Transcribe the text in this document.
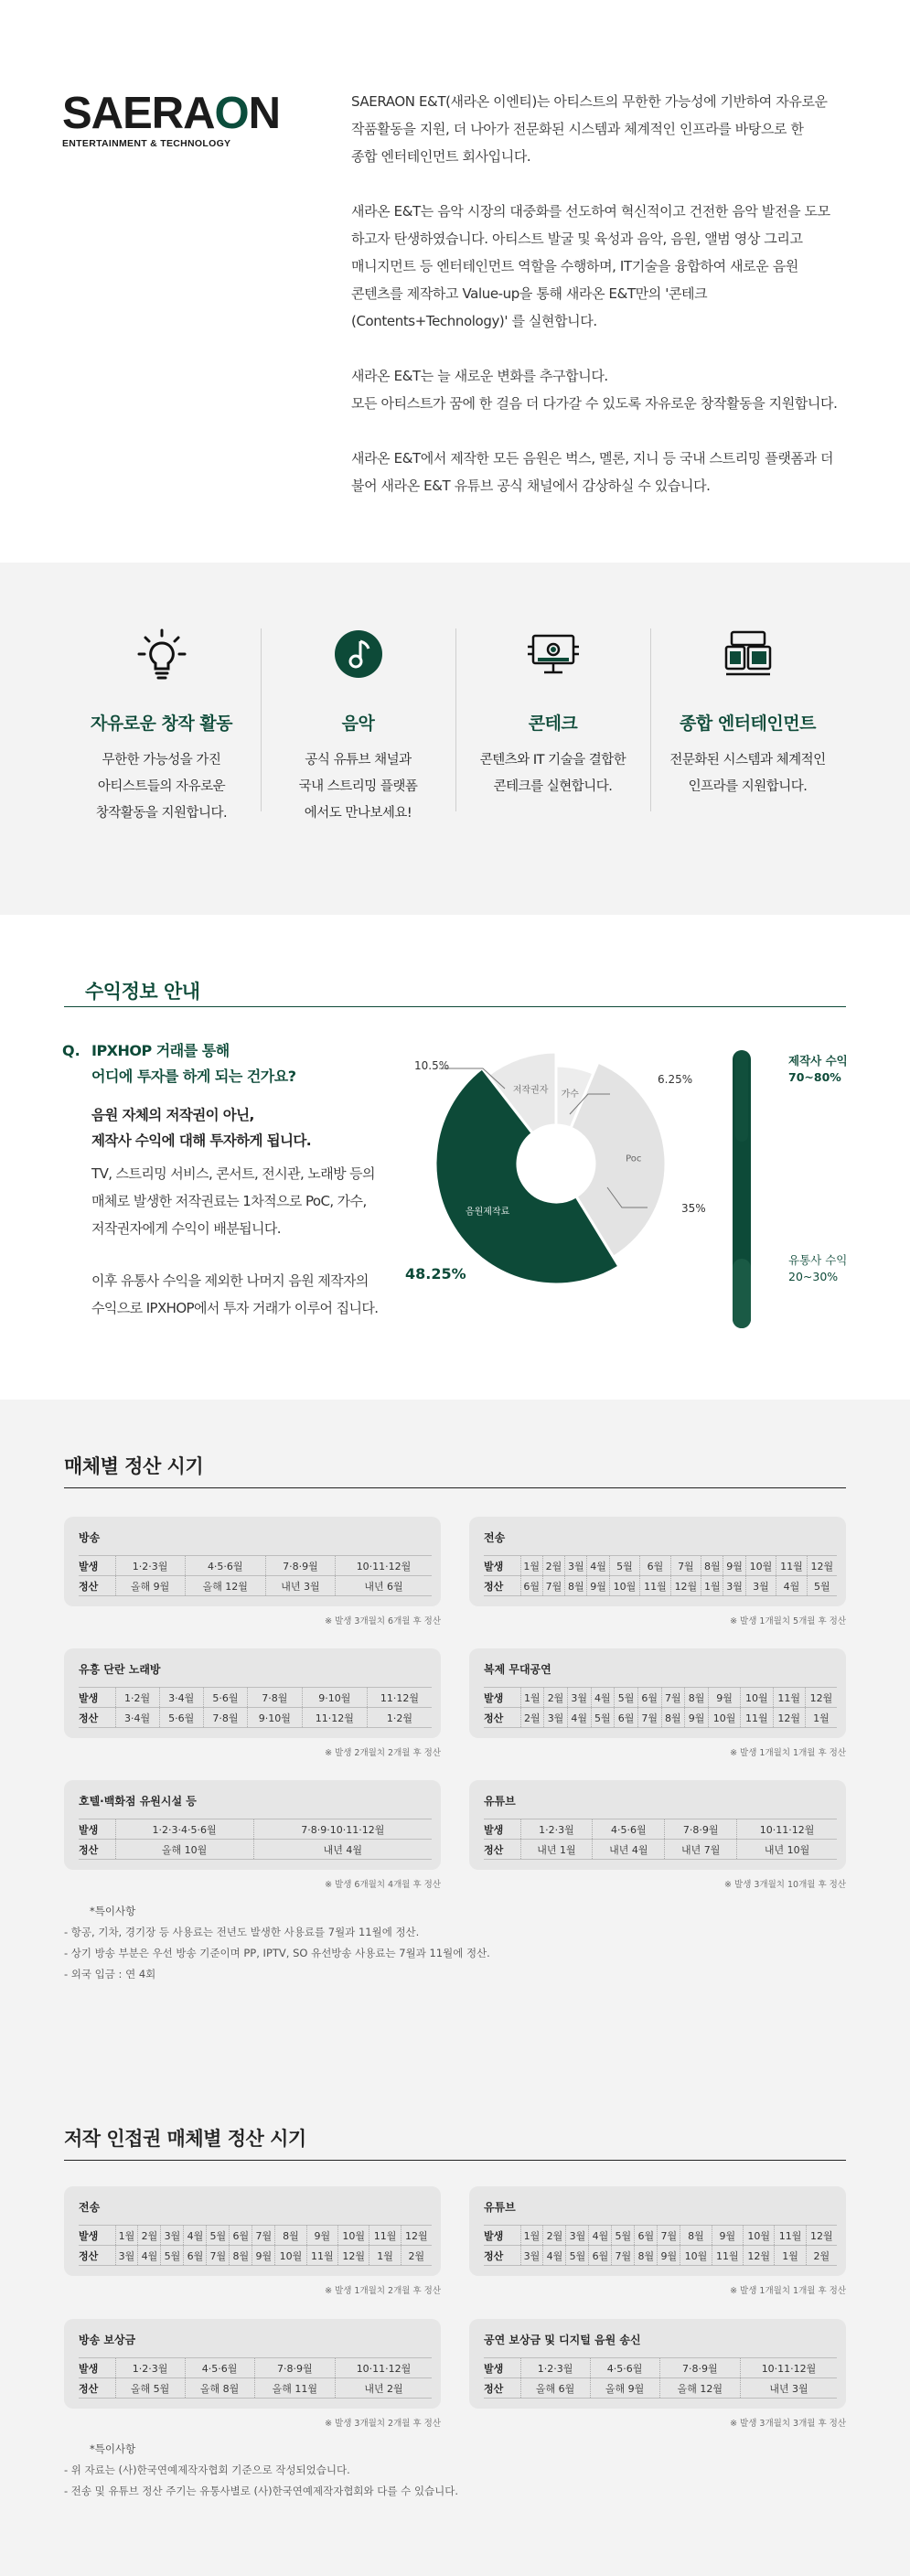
SAERAON
ENTERTAINMENT & TECHNOLOGY

SAERAON E&T(새라온 이엔티)는 아티스트의 무한한 가능성에 기반하여 자유로운
작품활동을 지원, 더 나아가 전문화된 시스템과 체계적인 인프라를 바탕으로 한
종합 엔터테인먼트 회사입니다.

새라온 E&T는 음악 시장의 대중화를 선도하여 혁신적이고 건전한 음악 발전을 도모
하고자 탄생하였습니다. 아티스트 발굴 및 육성과 음악, 음원, 앨범 영상 그리고
매니지먼트 등 엔터테인먼트 역할을 수행하며, IT기술을 융합하여 새로운 음원
콘텐츠를 제작하고 Value-up을 통해 새라온 E&T만의 '콘테크
(Contents+Technology)' 를 실현합니다.

새라온 E&T는 늘 새로운 변화를 추구합니다.
모든 아티스트가 꿈에 한 걸음 더 다가갈 수 있도록 자유로운 창작활동을 지원합니다.

새라온 E&T에서 제작한 모든 음원은 벅스, 멜론, 지니 등 국내 스트리밍 플랫폼과 더
불어 새라온 E&T 유튜브 공식 채널에서 감상하실 수 있습니다.

자유로운 창작 활동

무한한 가능성을 가진
아티스트들의 자유로운
창작활동을 지원합니다.

음악

공식 유튜브 채널과
국내 스트리밍 플랫폼
에서도 만나보세요!

콘테크

콘텐츠와 IT 기술을 결합한
콘테크를 실현합니다.

종합 엔터테인먼트

전문화된 시스템과 체계적인
인프라를 지원합니다.

수익정보 안내
Q. IPXHOP 거래를 통해
어디에 투자를 하게 되는 건가요?
음원 자체의 저작권이 아닌,
제작사 수익에 대해 투자하게 됩니다.
TV, 스트리밍 서비스, 콘서트, 전시관, 노래방 등의
매체로 발생한 저작권료는 1차적으로 PoC, 가수,
저작권자에게 수익이 배분됩니다.
이후 유통사 수익을 제외한 나머지 음원 제작자의
수익으로 IPXHOP에서 투자 거래가 이루어 집니다.
저작권자 가수
Poc
음원제작료
10.5%
6.25%
35%
48.25%
제작사 수익
70~80%
유통사 수익
20~30%
매체별 정산 시기
방송
발생	1·2·3월	4·5·6월	7·8·9월	10·11·12월
정산	올해 9월	올해 12월	내년 3월	내년 6월
※ 발생 3개월치 6개월 후 정산
전송
발생	1월	2월	3월	4월	5월	6월	7월	8월	9월	10월	11월	12월
정산	6월	7월	8월	9월	10월	11월	12월	1월	3월	3월	4월	5월
※ 발생 1개월치 5개월 후 정산
유흥 단란 노래방
발생	1·2월	3·4월	5·6월	7·8월	9·10월	11·12월
정산	3·4월	5·6월	7·8월	9·10월	11·12월	1·2월
※ 발생 2개월치 2개월 후 정산
복제 무대공연
발생	1월	2월	3월	4월	5월	6월	7월	8월	9월	10월	11월	12월
정산	2월	3월	4월	5월	6월	7월	8월	9월	10월	11월	12월	1월
※ 발생 1개월치 1개월 후 정산
호텔·백화점 유원시설 등
발생	1·2·3·4·5·6월	7·8·9·10·11·12월
정산	올해 10월	내년 4월
※ 발생 6개월치 4개월 후 정산
유튜브
발생	1·2·3월	4·5·6월	7·8·9월	10·11·12월
정산	내년 1월	내년 4월	내년 7월	내년 10월
※ 발생 3개월치 10개월 후 정산
*특이사항
- 항공, 기차, 경기장 등 사용료는 전년도 발생한 사용료를 7월과 11월에 정산.
- 상기 방송 부분은 우선 방송 기준이며 PP, IPTV, SO 유선방송 사용료는 7월과 11월에 정산.
- 외국 입금 : 연 4회
저작 인접권 매체별 정산 시기
전송
발생	1월	2월	3월	4월	5월	6월	7월	8월	9월	10월	11월	12월
정산	3월	4월	5월	6월	7월	8월	9월	10월	11월	12월	1월	2월
※ 발생 1개월치 2개월 후 정산
유튜브
발생	1월	2월	3월	4월	5월	6월	7월	8월	9월	10월	11월	12월
정산	3월	4월	5월	6월	7월	8월	9월	10월	11월	12월	1월	2월
※ 발생 1개월치 1개월 후 정산
방송 보상금
발생	1·2·3월	4·5·6월	7·8·9월	10·11·12월
정산	올해 5월	올해 8월	올해 11월	내년 2월
※ 발생 3개월치 2개월 후 정산
공연 보상금 및 디지털 음원 송신
발생	1·2·3월	4·5·6월	7·8·9월	10·11·12월
정산	올해 6월	올해 9월	올해 12월	내년 3월
※ 발생 3개월치 3개월 후 정산
*특이사항
- 위 자료는 (사)한국연예제작자협회 기준으로 작성되었습니다.
- 전송 및 유튜브 정산 주기는 유통사별로 (사)한국연예제작자협회와 다를 수 있습니다.
